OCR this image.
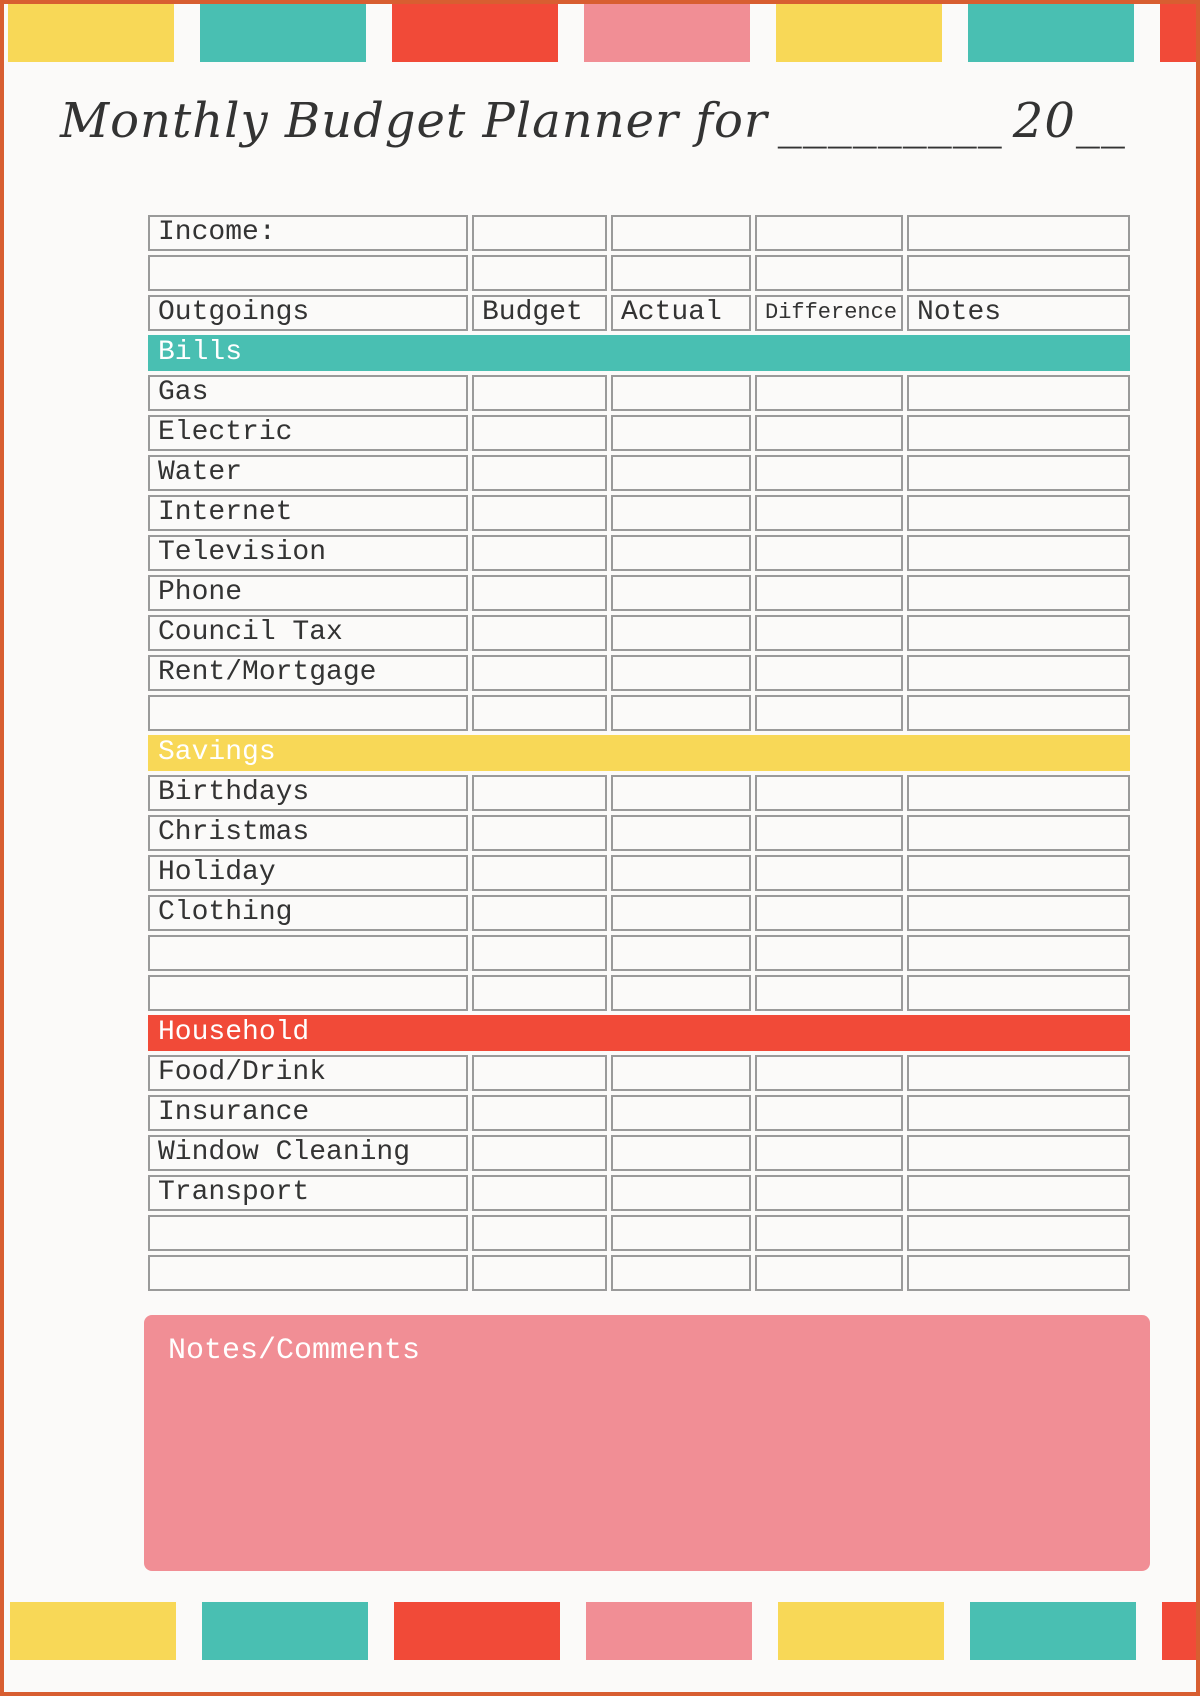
Monthly Budget Planner for _________ 20__
Income:				

Outgoings	Budget	Actual	Difference	Notes
Bills				
Gas				
Electric				
Water				
Internet				
Television				
Phone				
Council Tax				
Rent/Mortgage				

Savings				
Birthdays				
Christmas				
Holiday				
Clothing				

Household				
Food/Drink				
Insurance				
Window Cleaning				
Transport				

Notes/Comments
